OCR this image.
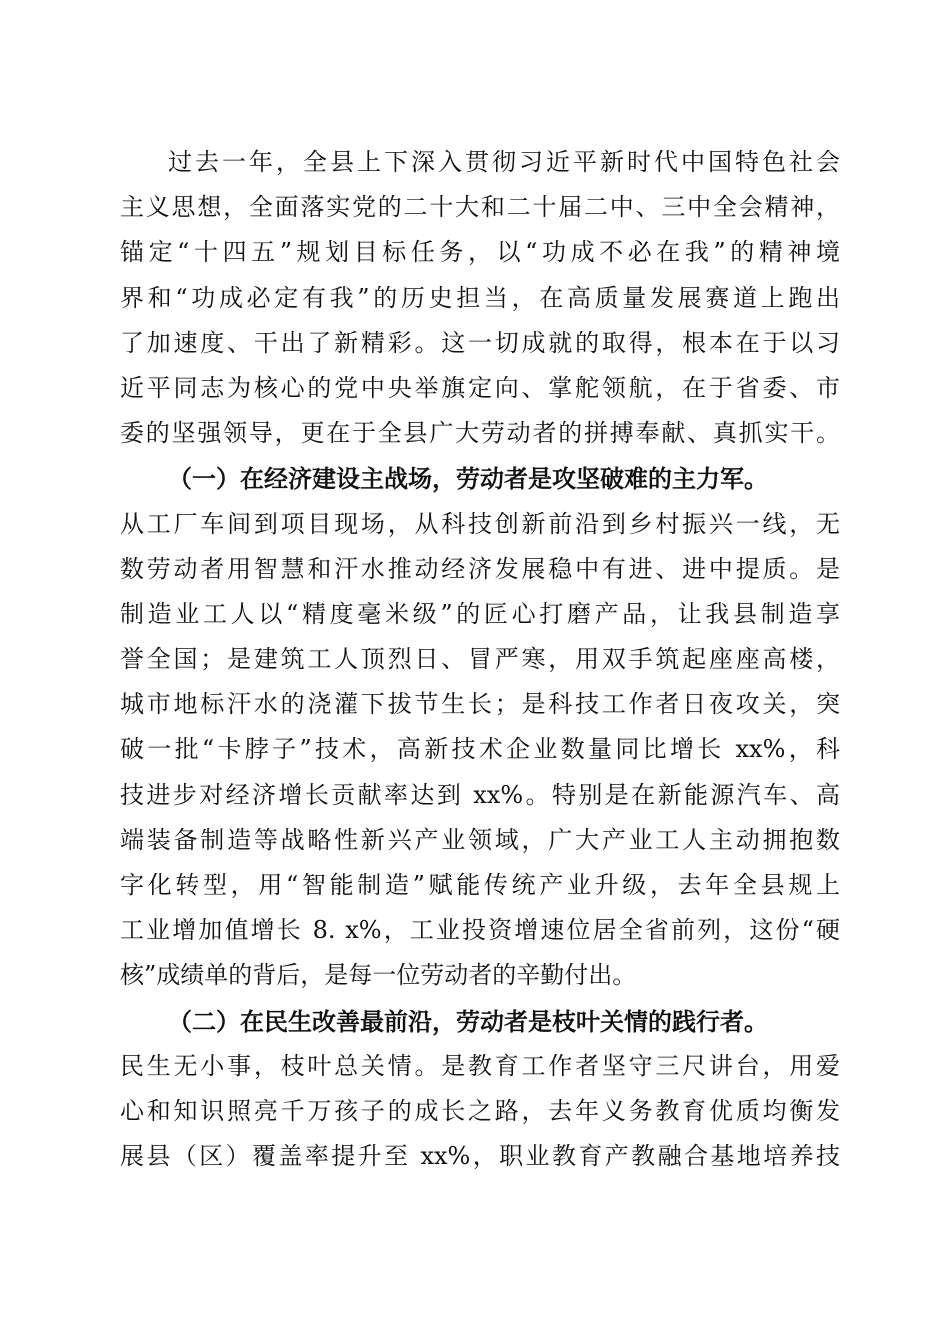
过去一年，全县上下深入贯彻习近平新时代中国特色社会
主义思想，全面落实党的二十大和二十届二中、三中全会精神，
锚定“十四五”规划目标任务，以“功成不必在我”的精神境
界和“功成必定有我”的历史担当，在高质量发展赛道上跑出
了加速度、干出了新精彩。这一切成就的取得，根本在于以习
近平同志为核心的党中央举旗定向、掌舵领航，在于省委、市
委的坚强领导，更在于全县广大劳动者的拼搏奉献、真抓实干。
（一）在经济建设主战场，劳动者是攻坚破难的主力军。
从工厂车间到项目现场，从科技创新前沿到乡村振兴一线，无
数劳动者用智慧和汗水推动经济发展稳中有进、进中提质。是
制造业工人以“精度毫米级”的匠心打磨产品，让我县制造享
誉全国；是建筑工人顶烈日、冒严寒，用双手筑起座座高楼，
城市地标汗水的浇灌下拔节生长；是科技工作者日夜攻关，突
破一批“卡脖子”技术，高新技术企业数量同比增长 xx%，科
技进步对经济增长贡献率达到 xx%。特别是在新能源汽车、高
端装备制造等战略性新兴产业领域，广大产业工人主动拥抱数
字化转型，用“智能制造”赋能传统产业升级，去年全县规上
工业增加值增长 8. x%，工业投资增速位居全省前列，这份“硬
核”成绩单的背后，是每一位劳动者的辛勤付出。
（二）在民生改善最前沿，劳动者是枝叶关情的践行者。
民生无小事，枝叶总关情。是教育工作者坚守三尺讲台，用爱
心和知识照亮千万孩子的成长之路，去年义务教育优质均衡发
展县（区）覆盖率提升至 xx%，职业教育产教融合基地培养技
